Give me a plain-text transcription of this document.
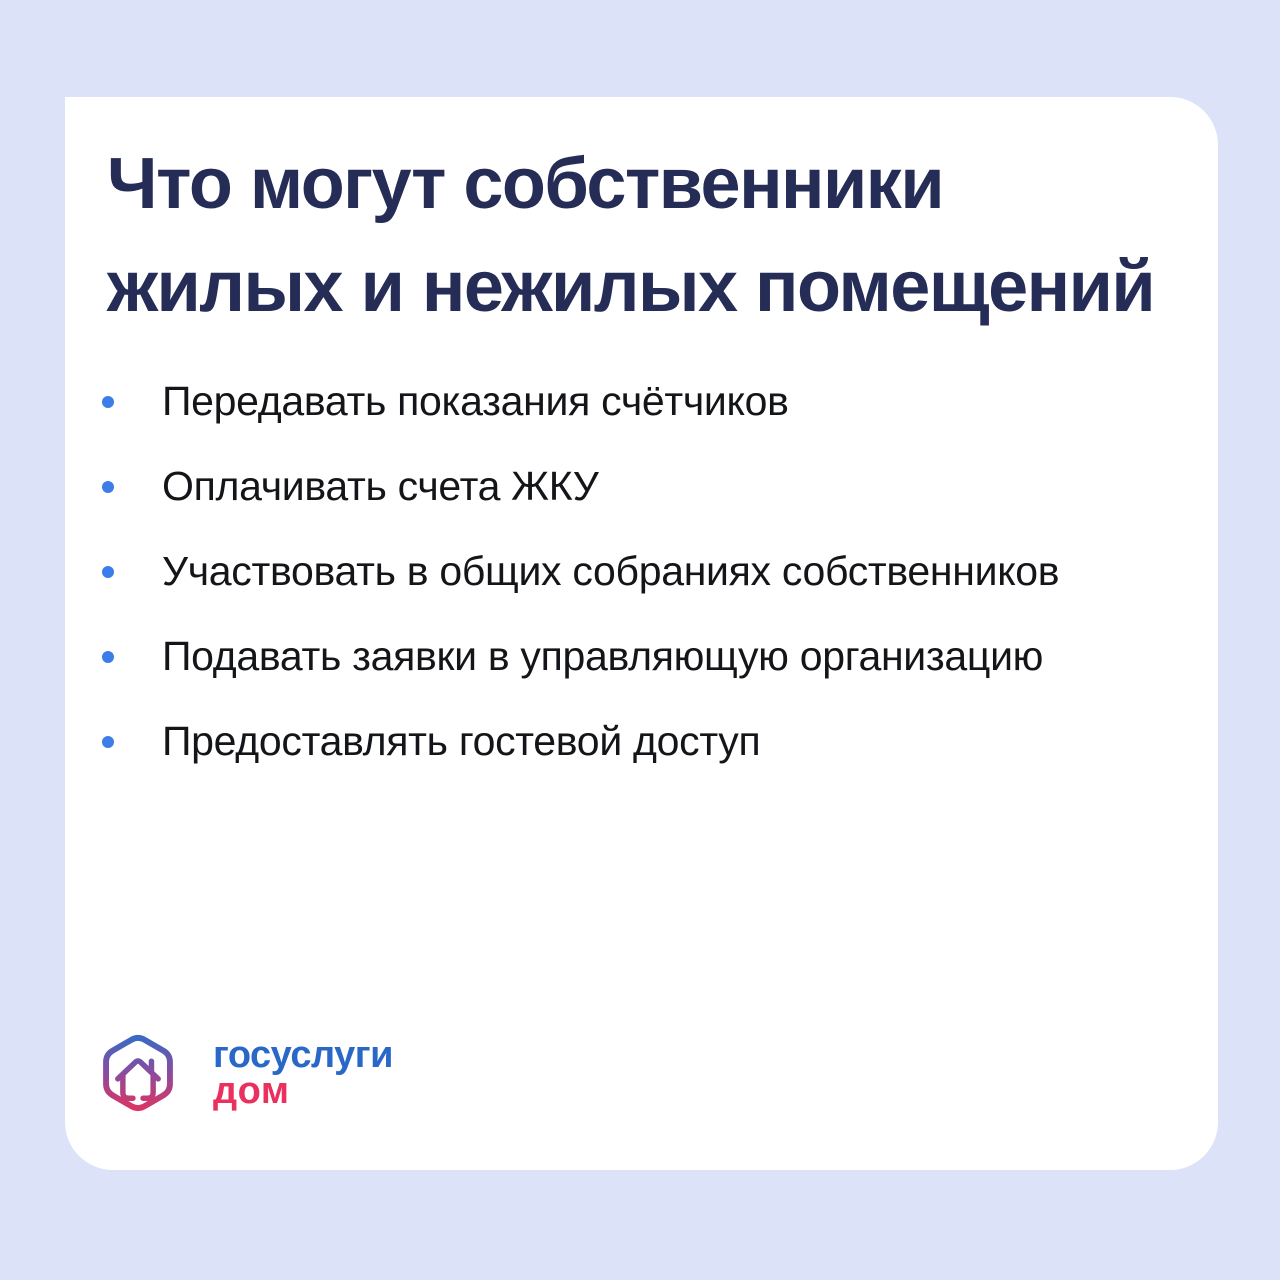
Что могут собственники
жилых и нежилых помещений
Передавать показания счётчиков
Оплачивать счета ЖКУ
Участвовать в общих собраниях собственников
Подавать заявки в управляющую организацию
Предоставлять гостевой доступ
госуслуги
дом
